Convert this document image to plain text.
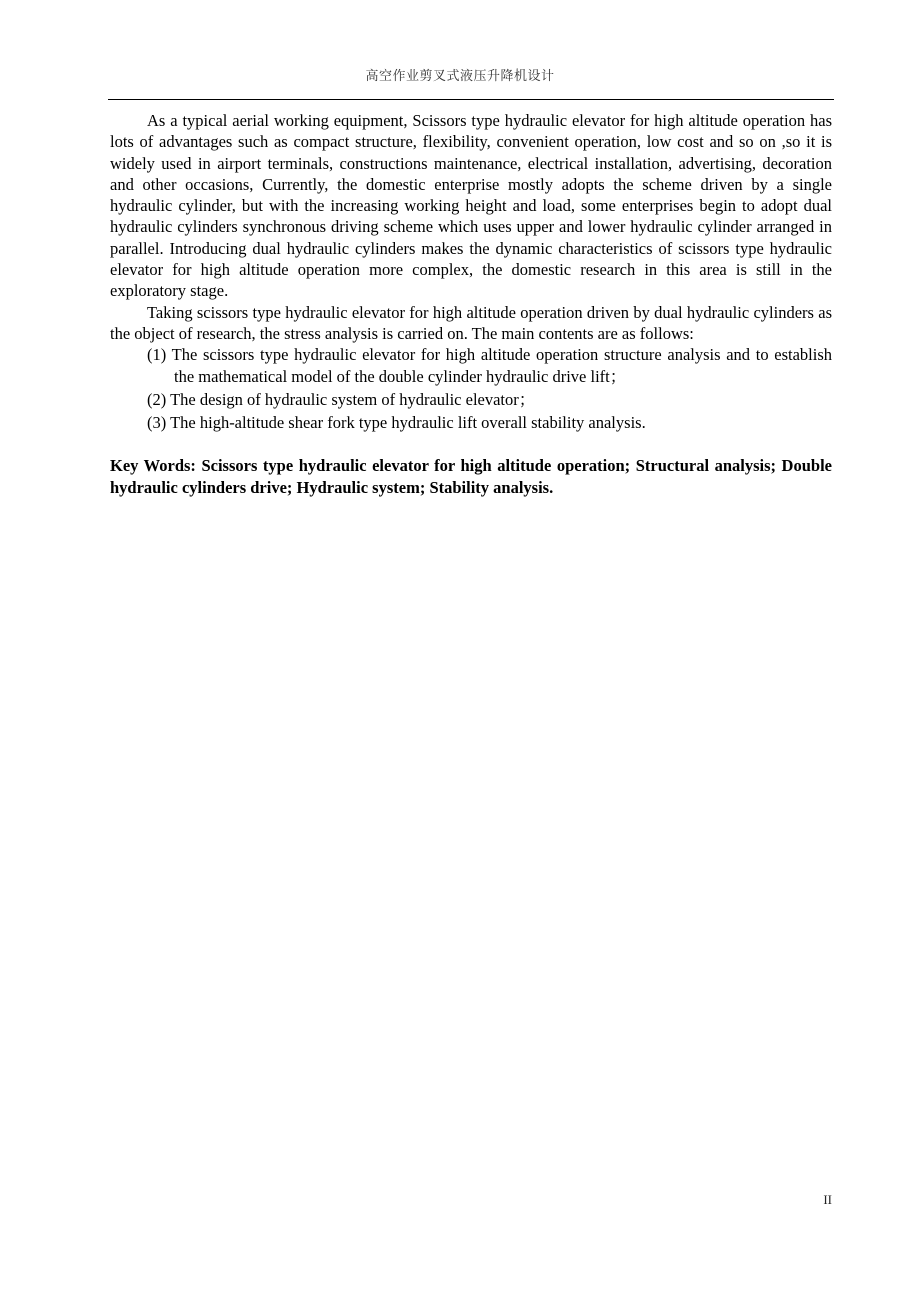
高空作业剪叉式液压升降机设计

As a typical aerial working equipment, Scissors type hydraulic elevator for high altitude operation has lots of advantages such as compact structure, flexibility, convenient operation, low cost and so on ,so it is widely used in airport terminals, constructions maintenance, electrical installation, advertising, decoration and other occasions, Currently, the domestic enterprise mostly adopts the scheme driven by a single hydraulic cylinder, but with the increasing working height and load, some enterprises begin to adopt dual hydraulic cylinders synchronous driving scheme which uses upper and lower hydraulic cylinder arranged in parallel. Introducing dual hydraulic cylinders makes the dynamic characteristics of scissors type hydraulic elevator for high altitude operation more complex, the domestic research in this area is still in the exploratory stage.

Taking scissors type hydraulic elevator for high altitude operation driven by dual hydraulic cylinders as the object of research, the stress analysis is carried on. The main contents are as follows:

(1) The scissors type hydraulic elevator for high altitude operation structure analysis and to establish the mathematical model of the double cylinder hydraulic drive lift；
(2) The design of hydraulic system of hydraulic elevator；
(3) The high-altitude shear fork type hydraulic lift overall stability analysis.

Key Words: Scissors type hydraulic elevator for high altitude operation; Structural analysis; Double hydraulic cylinders drive; Hydraulic system; Stability analysis.

II
